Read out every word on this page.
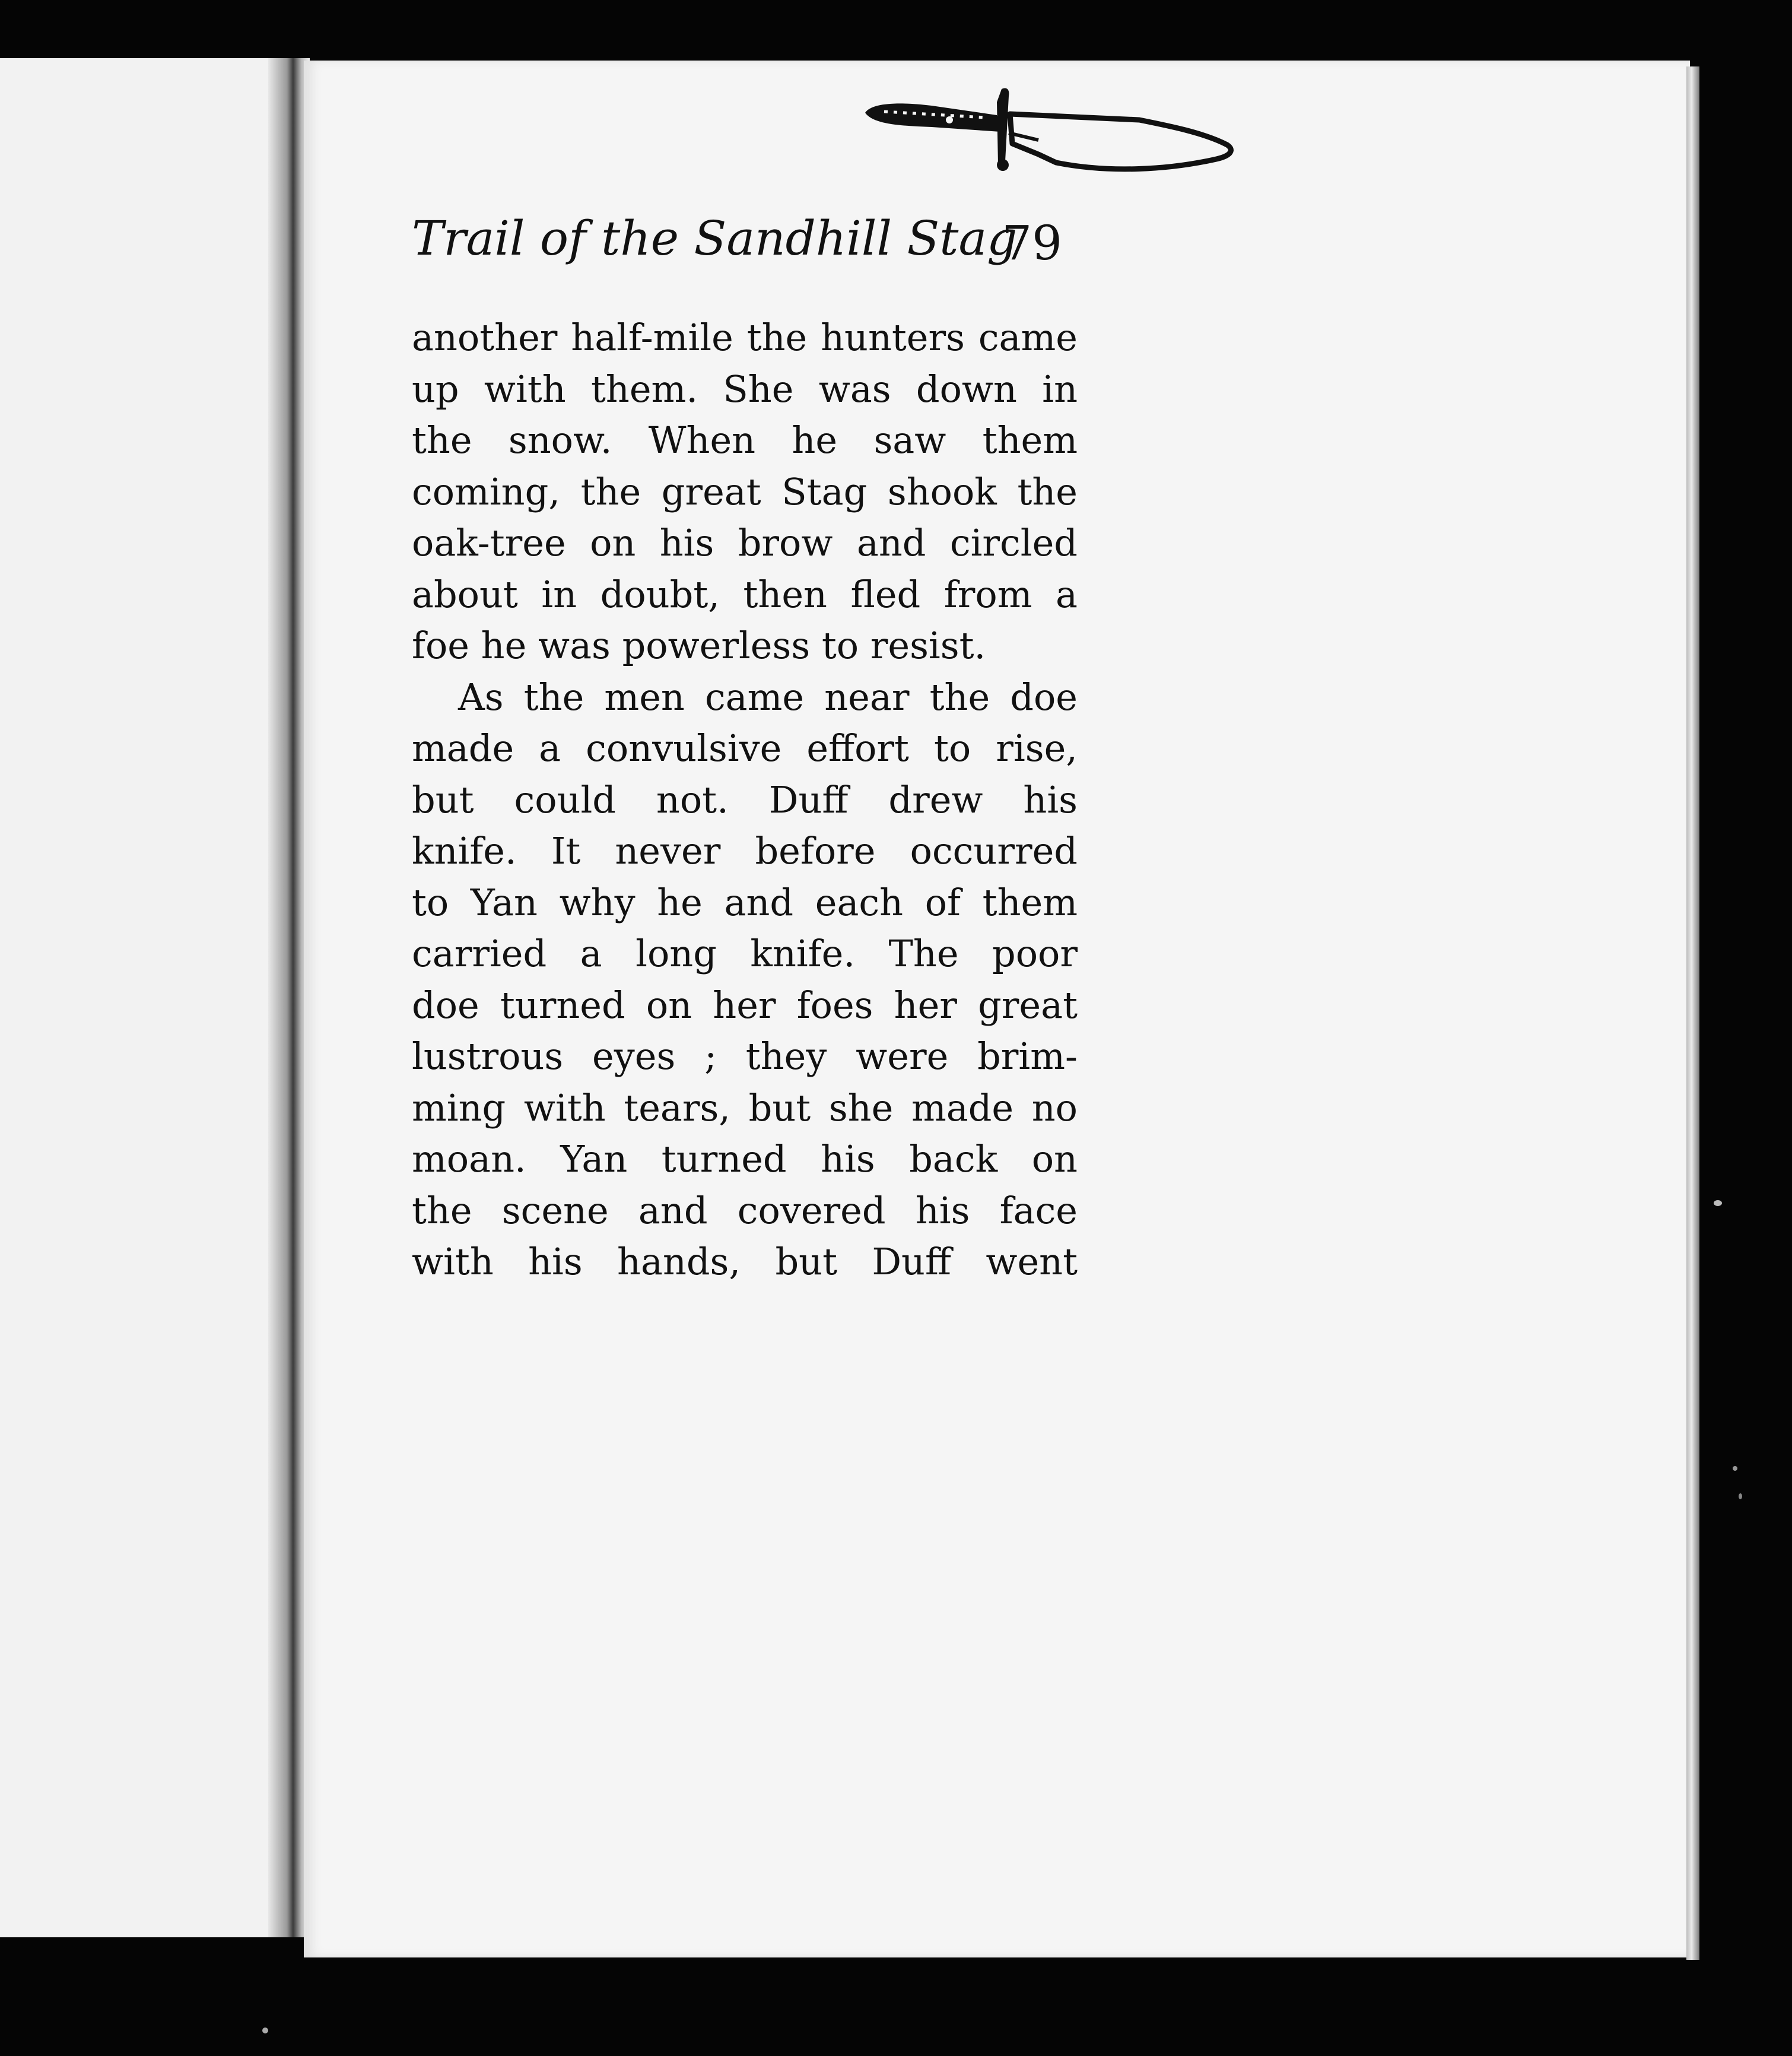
Trail of the Sandhill Stag
79
another half-mile the hunters came
up with them. She was down in
the snow. When he saw them
coming, the great Stag shook the
oak-tree on his brow and circled
about in doubt, then fled from a
foe he was powerless to resist.
As the men came near the doe
made a convulsive effort to rise,
but could not. Duff drew his
knife. It never before occurred
to Yan why he and each of them
carried a long knife. The poor
doe turned on her foes her great
lustrous eyes ; they were brim-
ming with tears, but she made no
moan. Yan turned his back on
the scene and covered his face
with his hands, but Duff went
